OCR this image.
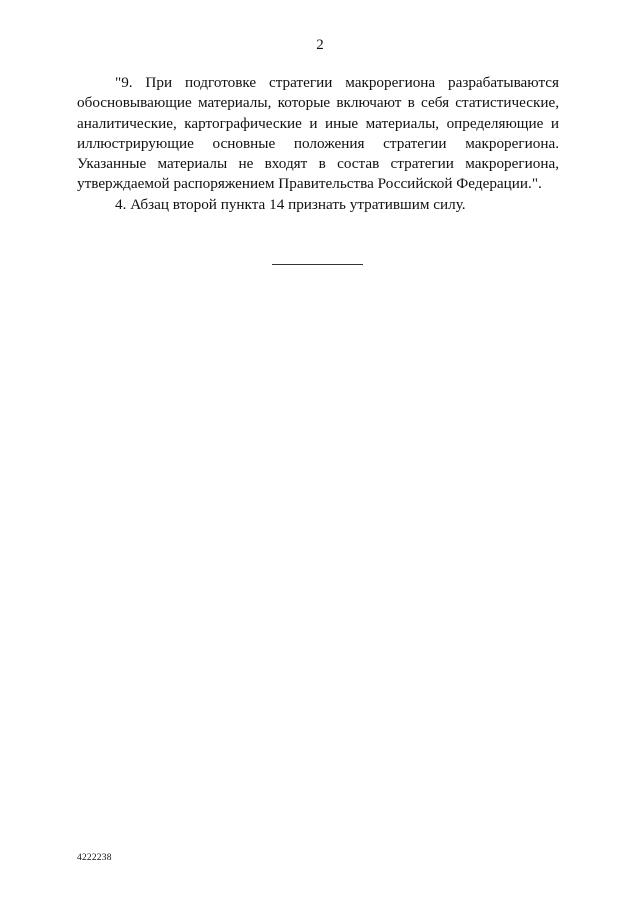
2

"9. При подготовке стратегии макрорегиона разрабатываются обосновывающие материалы, которые включают в себя статистические, аналитические, картографические и иные материалы, определяющие и иллюстрирующие основные положения стратегии макрорегиона. Указанные материалы не входят в состав стратегии макрорегиона, утверждаемой распоряжением Правительства Российской Федерации.".

4. Абзац второй пункта 14 признать утратившим силу.

4222238
